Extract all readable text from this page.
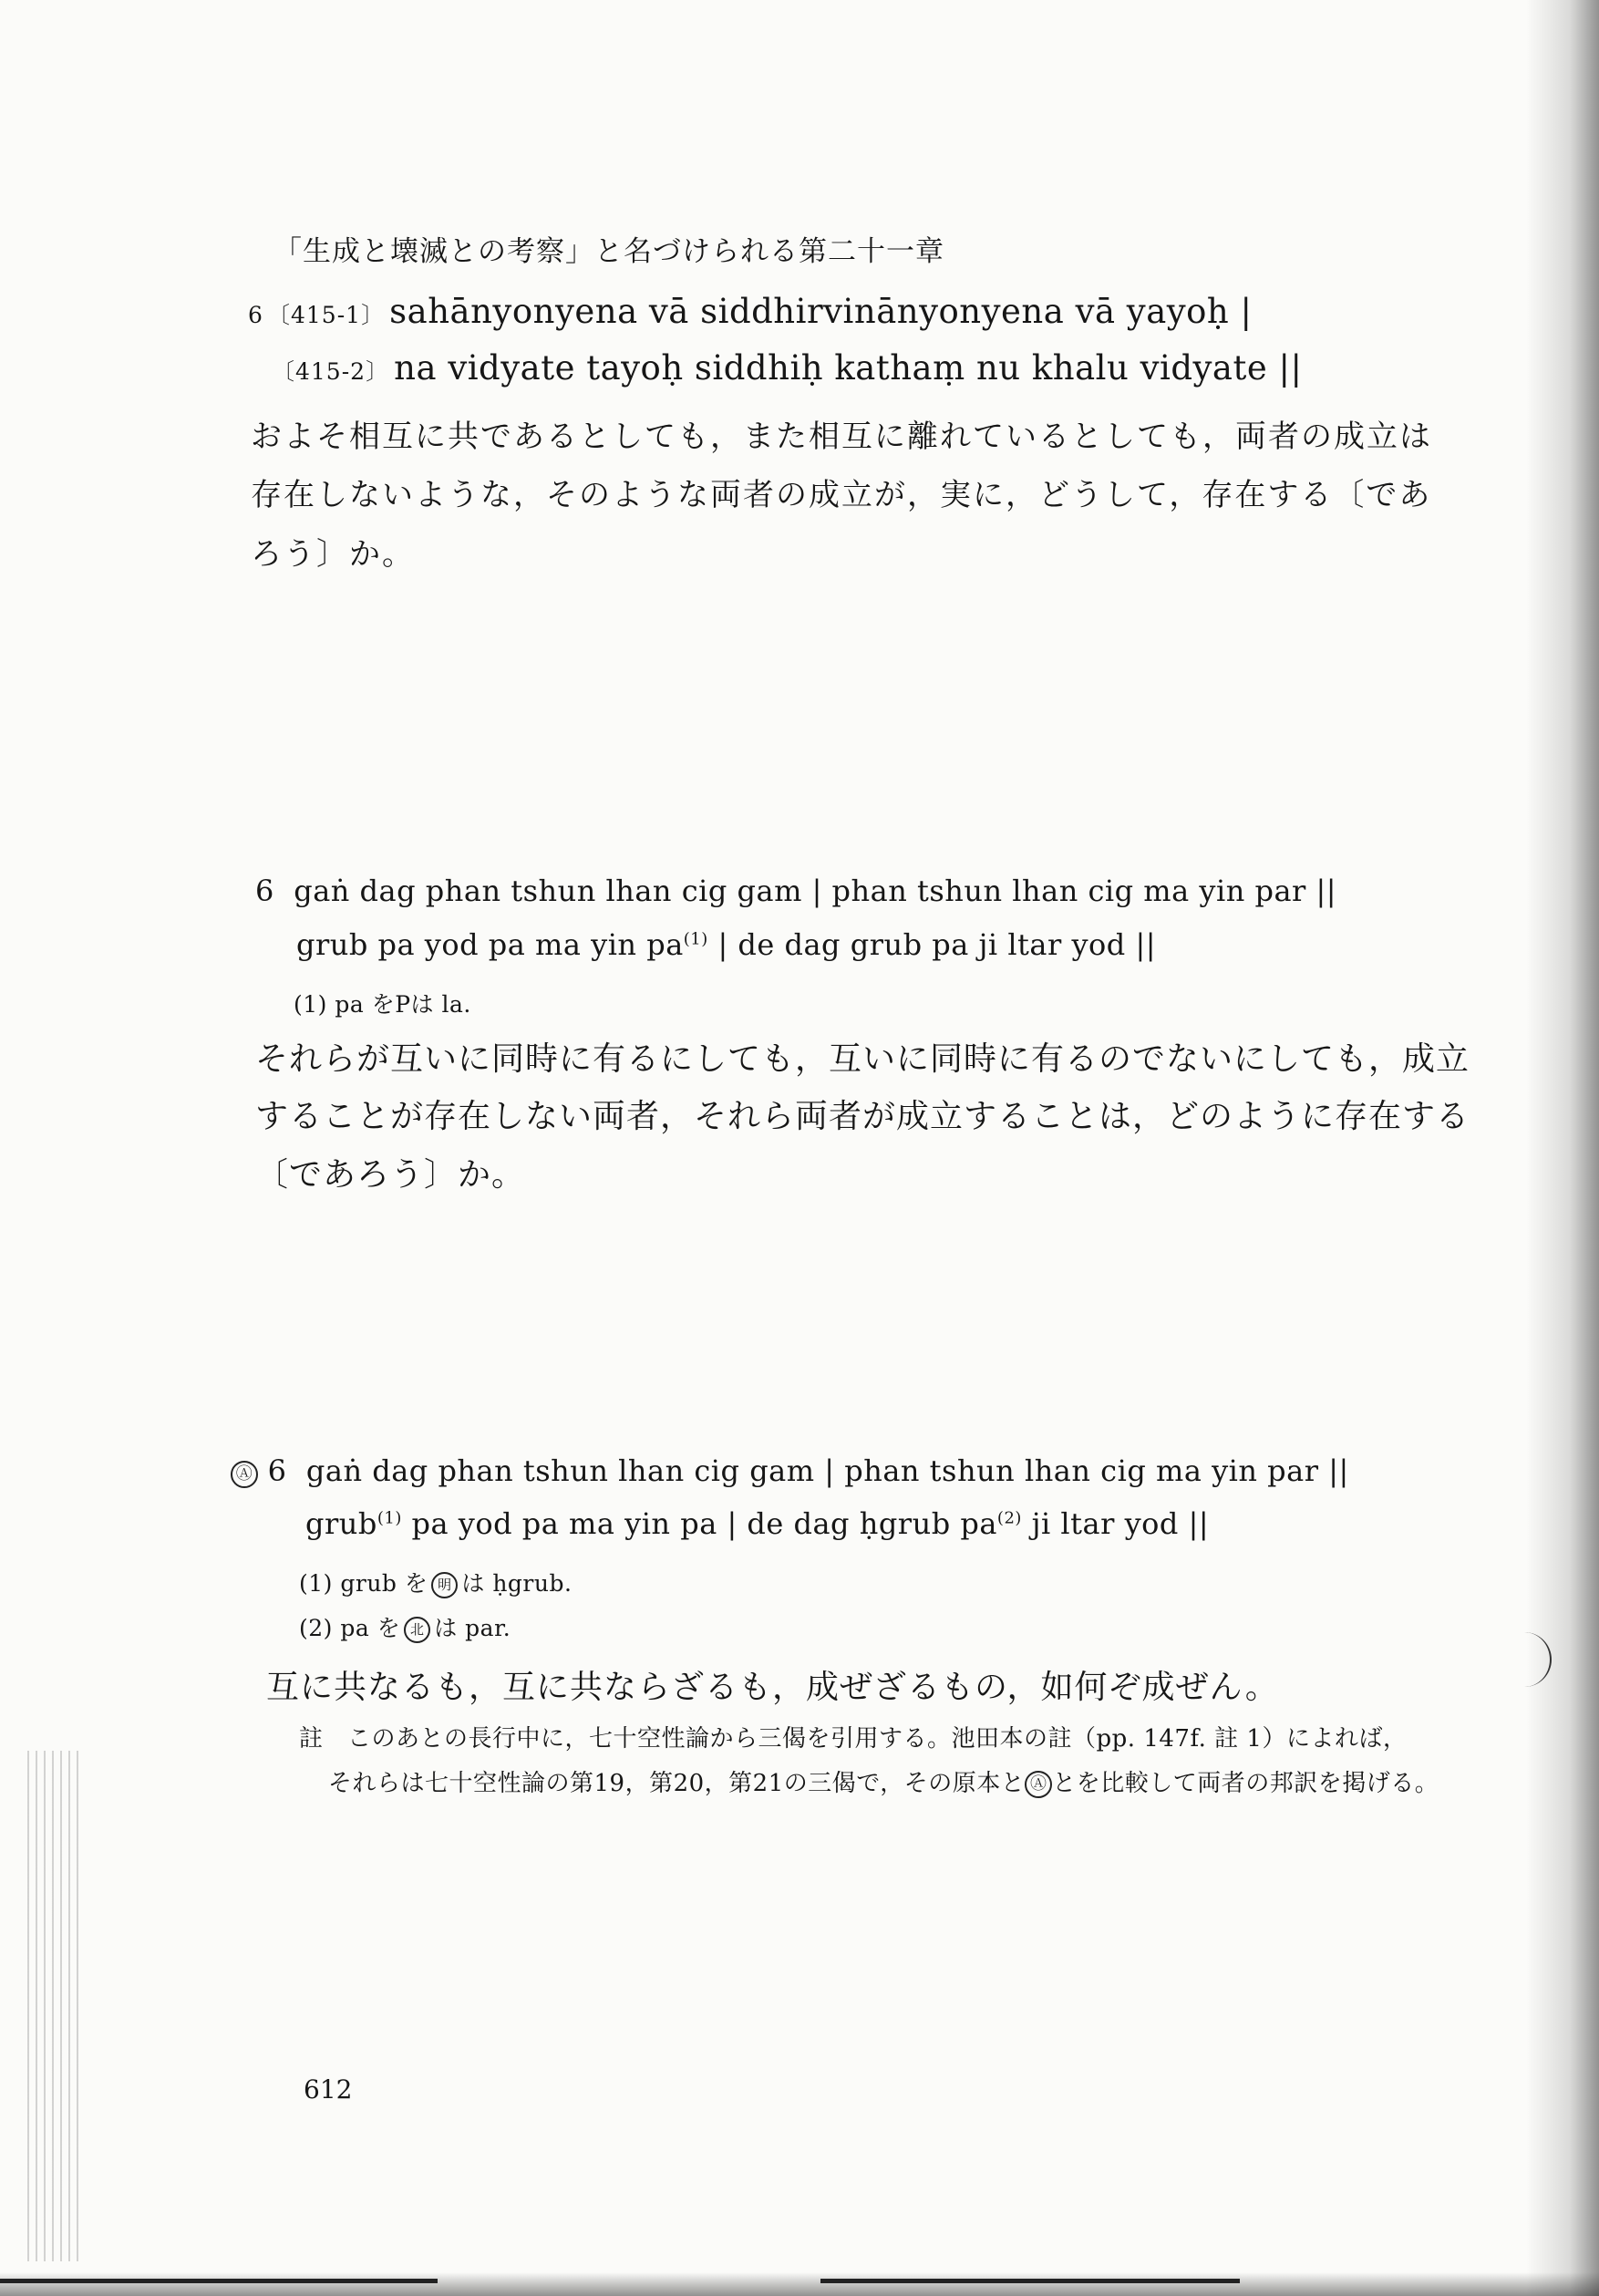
「生成と壊滅との考察」と名づけられる第二十一章
6 〔415-1〕 sahānyonyena vā siddhirvinānyonyena vā yayoḥ |
〔415-2〕 na vidyate tayoḥ siddhiḥ kathaṃ nu khalu vidyate ||
およそ相互に共であるとしても，また相互に離れているとしても，両者の成立は
存在しないような，そのような両者の成立が，実に，どうして，存在する〔であ
ろう〕か。
6 gaṅ dag phan tshun lhan cig gam | phan tshun lhan cig ma yin par ||
grub pa yod pa ma yin $pa^{(1)}$ | de dag grub pa ji ltar yod ||
(1) pa をPは la.
それらが互いに同時に有るにしても，互いに同時に有るのでないにしても，成立
することが存在しない両者，それら両者が成立することは，どのように存在する
〔であろう〕か。
Ⓐ 6 gaṅ dag phan tshun lhan cig gam | phan tshun lhan cig ma yin par ||
grub$^{(1)}$ pa yod pa ma yin pa | de dag ḥgrub $pa^{(2)}$ ji ltar yod ||
(1) grub を 明 は ḥgrub.
(2) pa を 北 は par.
互に共なるも，互に共ならざるも，成ぜざるもの，如何ぞ成ぜん。
註　このあとの長行中に，七十空性論から三偈を引用する。池田本の註（pp. 147f. 註 1）によれば，
それらは七十空性論の第19，第20，第21の三偈で，その原本と Ⓐ とを比較して両者の邦訳を掲げる。
612
